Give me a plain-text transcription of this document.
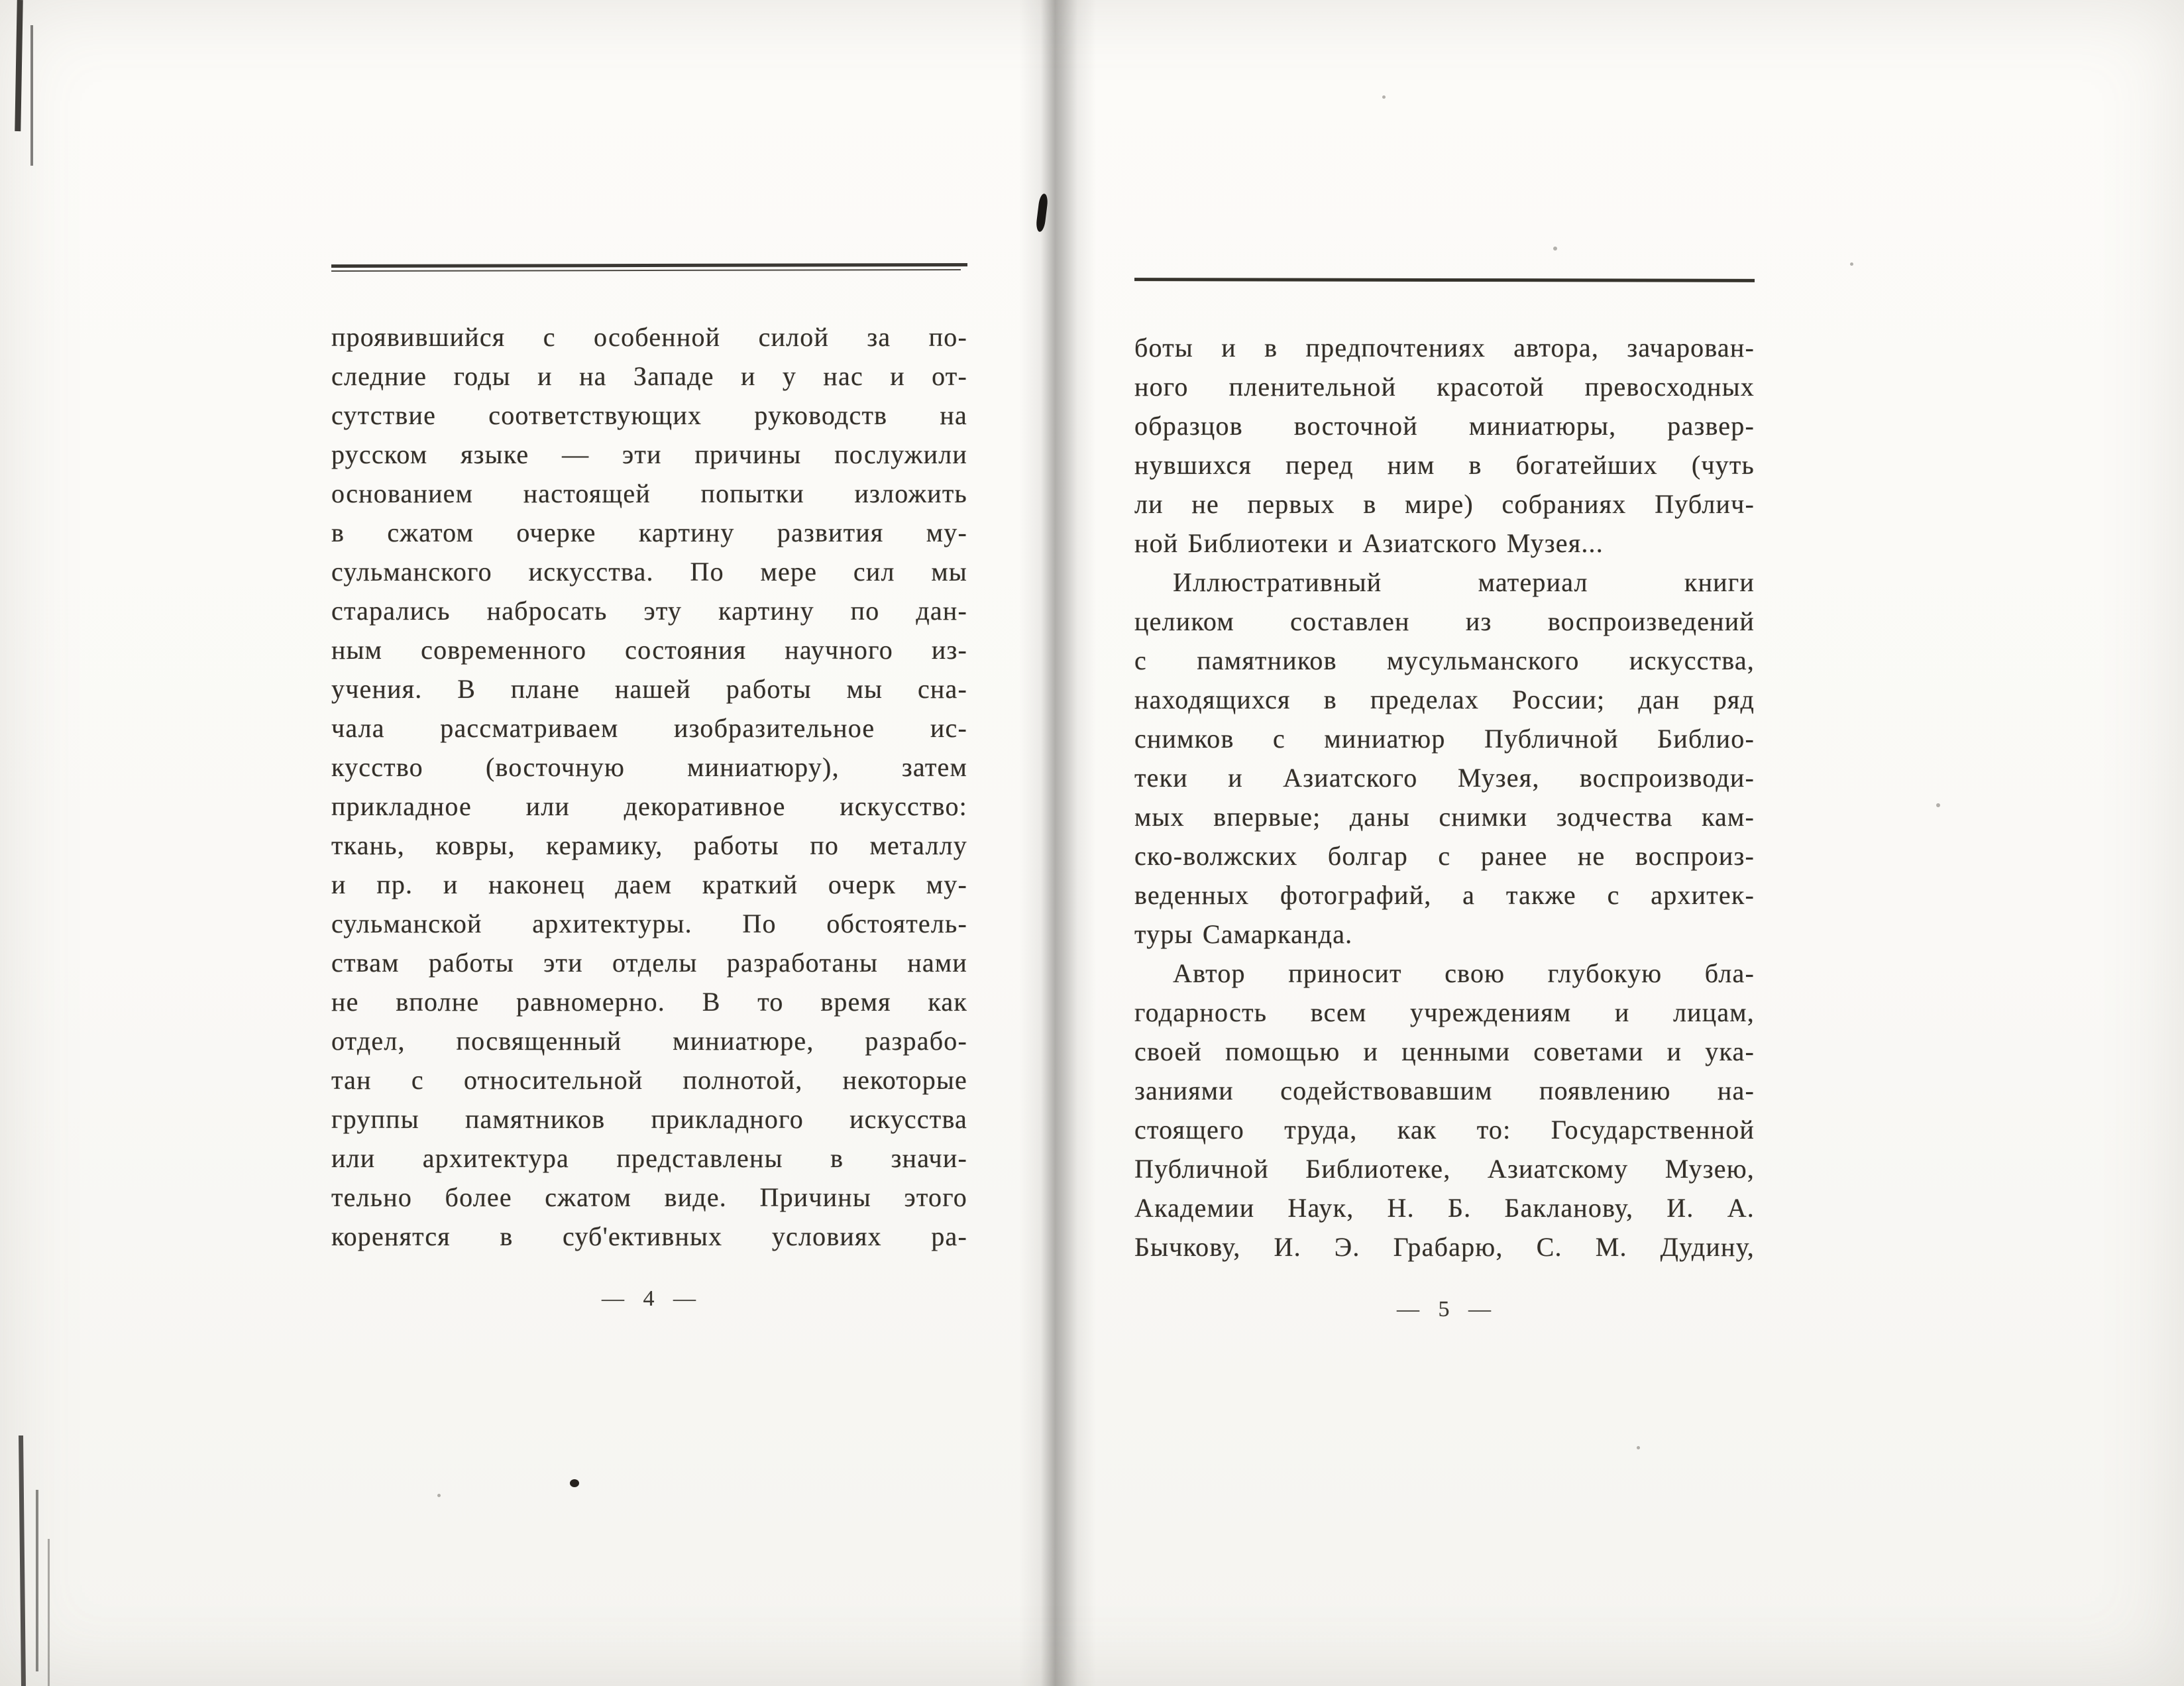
проявившийся с особенной силой за по-
следние годы и на Западе и у нас и от-
сутствие соответствующих руководств на
русском языке — эти причины послужили
основанием настоящей попытки изложить
в сжатом очерке картину развития му-
сульманского искусства. По мере сил мы
старались набросать эту картину по дан-
ным современного состояния научного из-
учения. В плане нашей работы мы сна-
чала рассматриваем изобразительное ис-
кусство (восточную миниатюру), затем
прикладное или декоративное искусство:
ткань, ковры, керамику, работы по металлу
и пр. и наконец даем краткий очерк му-
сульманской архитектуры. По обстоятель-
ствам работы эти отделы разработаны нами
не вполне равномерно. В то время как
отдел, посвященный миниатюре, разрабо-
тан с относительной полнотой, некоторые
группы памятников прикладного искусства
или архитектура представлены в значи-
тельно более сжатом виде. Причины этого
коренятся в суб'ективных условиях ра-
— 4 —
боты и в предпочтениях автора, зачарован-
ного пленительной красотой превосходных
образцов восточной миниатюры, развер-
нувшихся перед ним в богатейших (чуть
ли не первых в мире) собраниях Публич-
ной Библиотеки и Азиатского Музея...
Иллюстративный материал книги
целиком составлен из воспроизведений
с памятников мусульманского искусства,
находящихся в пределах России; дан ряд
снимков с миниатюр Публичной Библио-
теки и Азиатского Музея, воспроизводи-
мых впервые; даны снимки зодчества кам-
ско-волжских болгар с ранее не воспроиз-
веденных фотографий, а также с архитек-
туры Самарканда.
Автор приносит свою глубокую бла-
годарность всем учреждениям и лицам,
своей помощью и ценными советами и ука-
заниями содействовавшим появлению на-
стоящего труда, как то: Государственной
Публичной Библиотеке, Азиатскому Музею,
Академии Наук, Н. Б. Бакланову, И. А.
Бычкову, И. Э. Грабарю, С. М. Дудину,
— 5 —
